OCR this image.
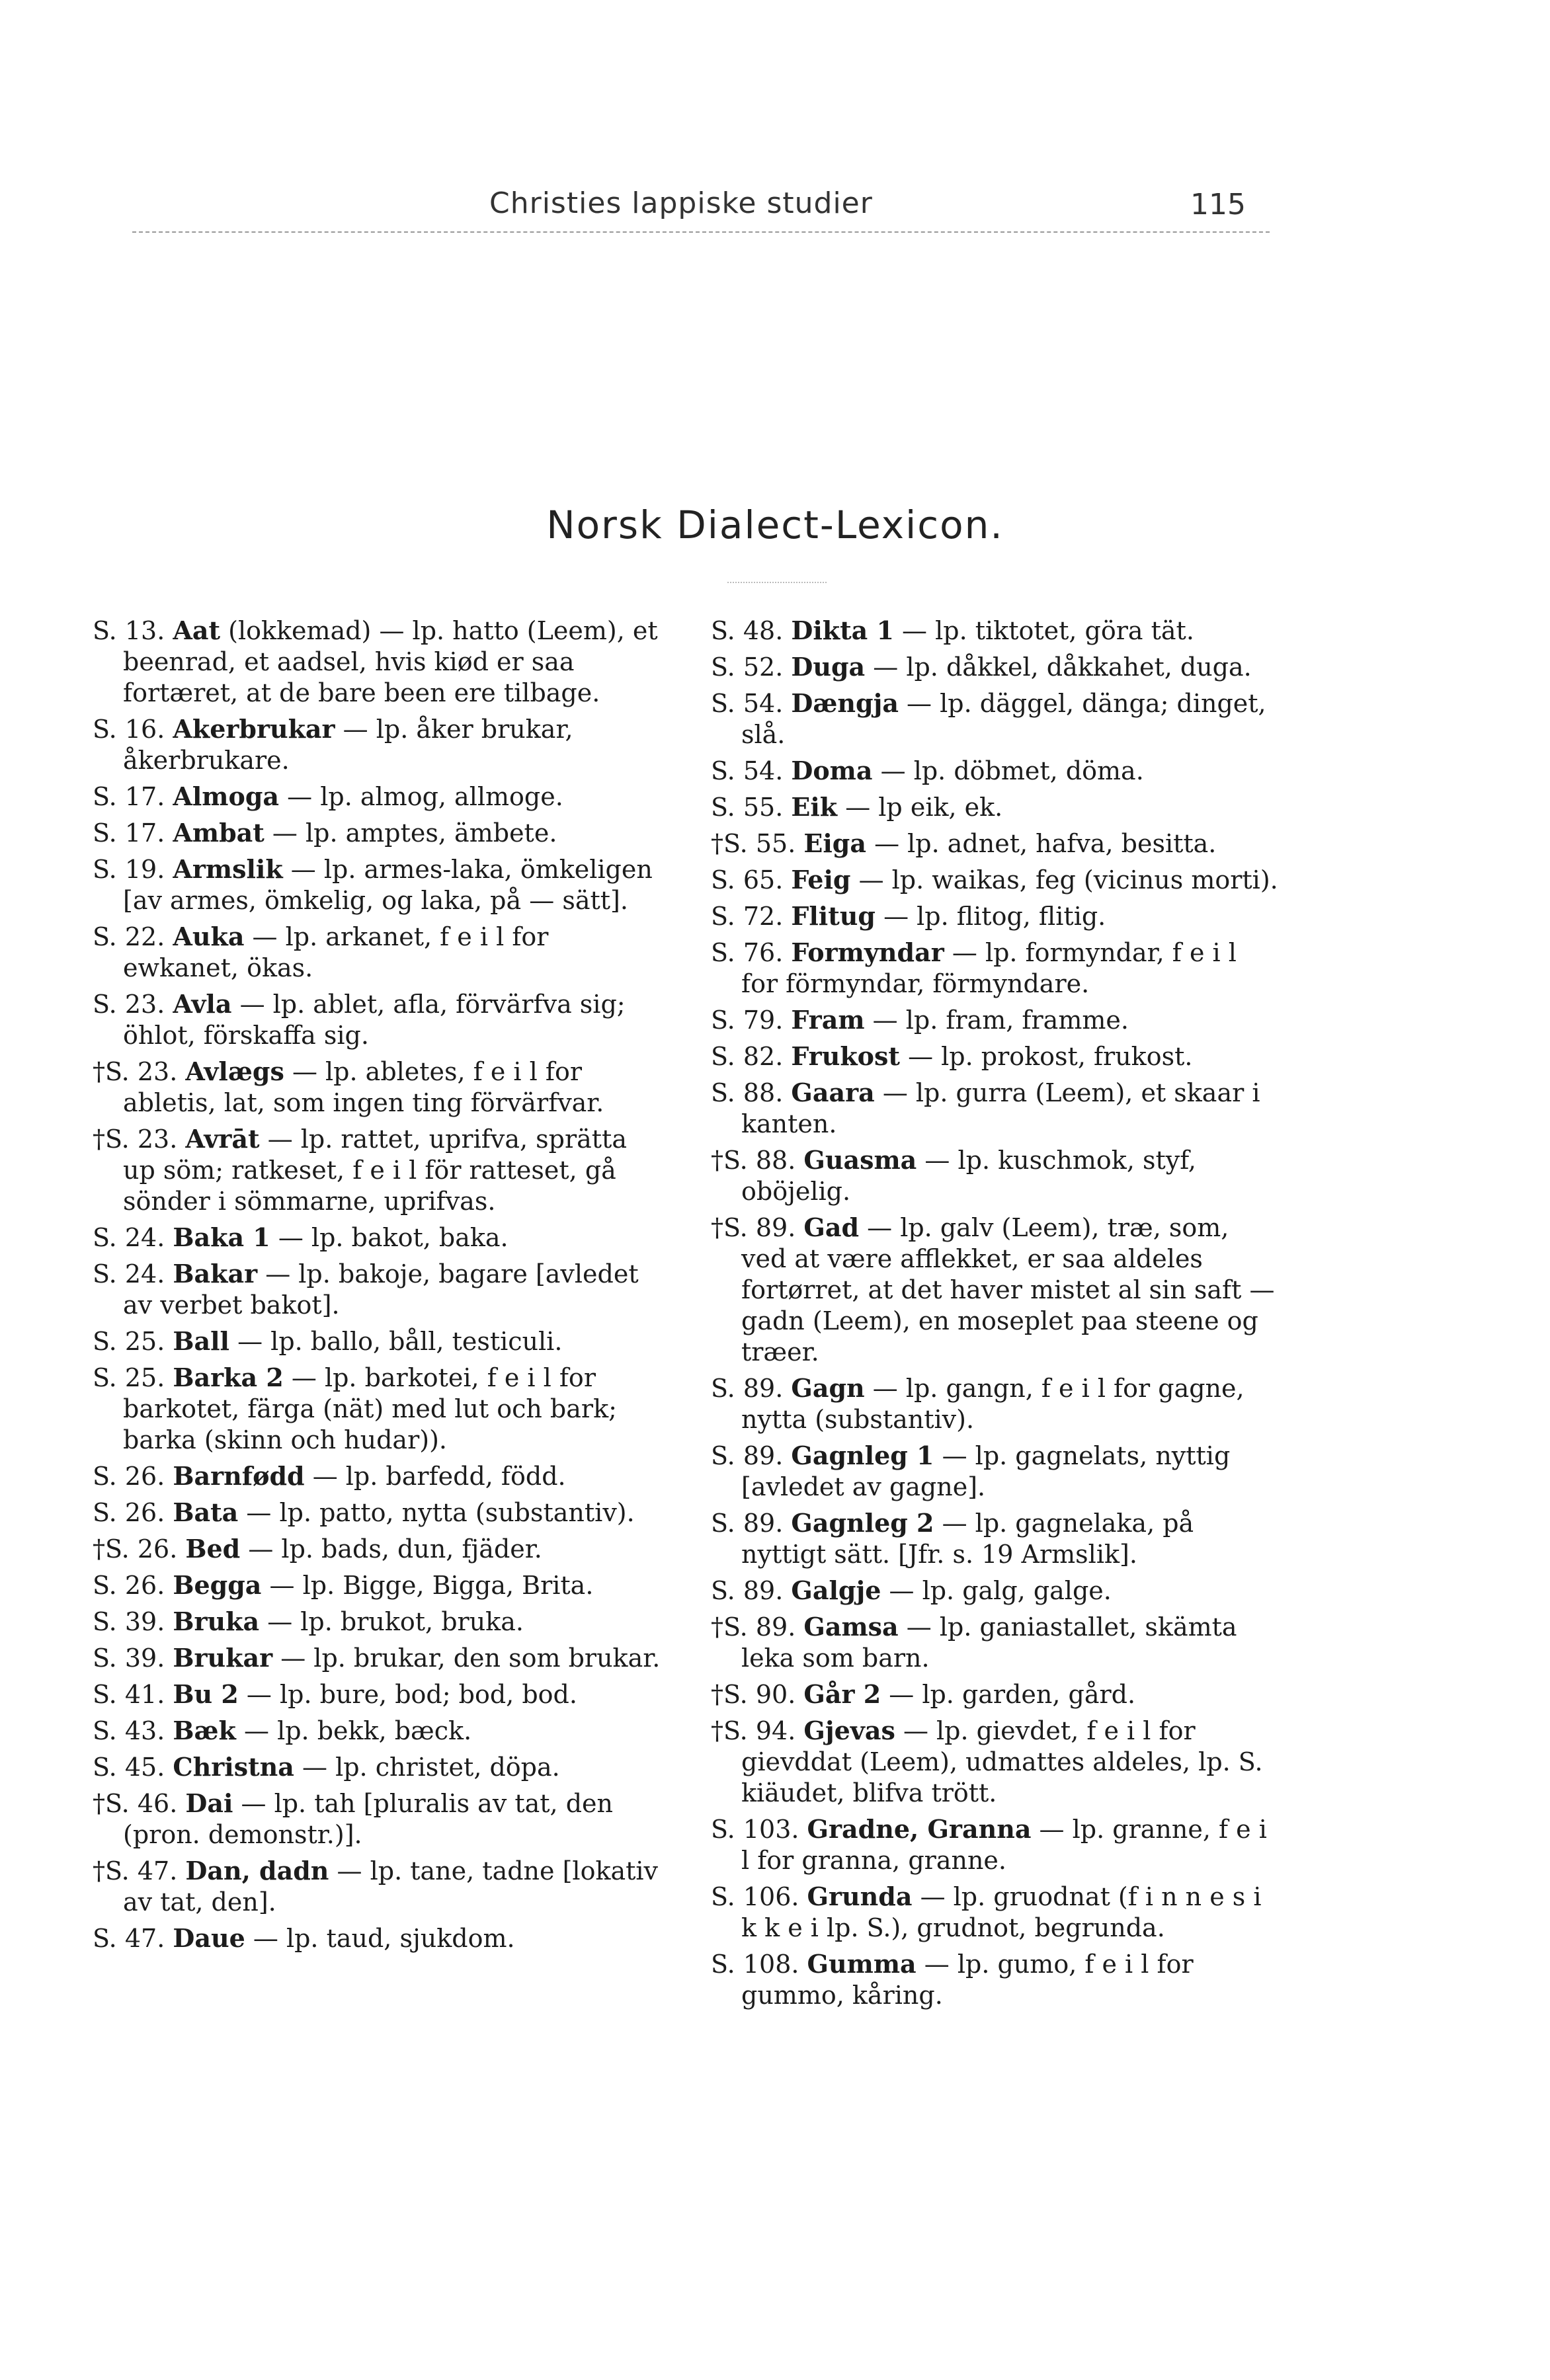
Christies lappiske studier	115
Norsk Dialect-Lexicon.

S. 13. Aat (lokkemad) — lp. hatto (Leem), et beenrad, et aadsel, hvis kiød er saa fortæret, at de bare been ere tilbage.

S. 16. Akerbrukar — lp. åker brukar, åkerbrukare.

S. 17. Almoga — lp. almog, allmoge.

S. 17. Ambat — lp. amptes, ämbete.

S. 19. Armslik — lp. armes-laka, ömkeligen [av armes, ömkelig, og laka, på — sätt].

S. 22. Auka — lp. arkanet, f e i l for ewkanet, ökas.

S. 23. Avla — lp. ablet, afla, förvärfva sig; öhlot, förskaffa sig.

†S. 23. Avlægs — lp. abletes, f e i l for abletis, lat, som ingen ting förvärfvar.

†S. 23. Avrāt — lp. rattet, uprifva, sprätta up söm; ratkeset, f e i l för ratteset, gå sönder i sömmarne, uprifvas.

S. 24. Baka 1 — lp. bakot, baka.

S. 24. Bakar — lp. bakoje, bagare [avledet av verbet bakot].

S. 25. Ball — lp. ballo, båll, testiculi.

S. 25. Barka 2 — lp. barkotei, f e i l for barkotet, färga (nät) med lut och bark; barka (skinn och hudar)).

S. 26. Barnfødd — lp. barfedd, född.

S. 26. Bata — lp. patto, nytta (substantiv).

†S. 26. Bed — lp. bads, dun, fjäder.

S. 26. Begga — lp. Bigge, Bigga, Brita.

S. 39. Bruka — lp. brukot, bruka.

S. 39. Brukar — lp. brukar, den som brukar.

S. 41. Bu 2 — lp. bure, bod; bod, bod.

S. 43. Bæk — lp. bekk, bæck.

S. 45. Christna — lp. christet, döpa.

†S. 46. Dai — lp. tah [pluralis av tat, den (pron. demonstr.)].

†S. 47. Dan, dadn — lp. tane, tadne [lokativ av tat, den].

S. 47. Daue — lp. taud, sjukdom.

S. 48. Dikta 1 — lp. tiktotet, göra tät.

S. 52. Duga — lp. dåkkel, dåkkahet, duga.

S. 54. Dængja — lp. däggel, dänga; dinget, slå.

S. 54. Doma — lp. döbmet, döma.

S. 55. Eik — lp eik, ek.

†S. 55. Eiga — lp. adnet, hafva, besitta.

S. 65. Feig — lp. waikas, feg (vicinus morti).

S. 72. Flitug — lp. flitog, flitig.

S. 76. Formyndar — lp. formyndar, f e i l for förmyndar, förmyndare.

S. 79. Fram — lp. fram, framme.

S. 82. Frukost — lp. prokost, frukost.

S. 88. Gaara — lp. gurra (Leem), et skaar i kanten.

†S. 88. Guasma — lp. kuschmok, styf, oböjelig.

†S. 89. Gad — lp. galv (Leem), træ, som, ved at være afflekket, er saa aldeles fortørret, at det haver mistet al sin saft — gadn (Leem), en moseplet paa steene og træer.

S. 89. Gagn — lp. gangn, f e i l for gagne, nytta (substantiv).

S. 89. Gagnleg 1 — lp. gagnelats, nyttig [avledet av gagne].

S. 89. Gagnleg 2 — lp. gagnelaka, på nyttigt sätt. [Jfr. s. 19 Armslik].

S. 89. Galgje — lp. galg, galge.

†S. 89. Gamsa — lp. ganiastallet, skämta leka som barn.

†S. 90. Går 2 — lp. garden, gård.

†S. 94. Gjevas — lp. gievdet, f e i l for gievddat (Leem), udmattes aldeles, lp. S. kiäudet, blifva trött.

S. 103. Gradne, Granna — lp. granne, f e i l for granna, granne.

S. 106. Grunda — lp. gruodnat (f i n n e s i k k e i lp. S.), grudnot, begrunda.

S. 108. Gumma — lp. gumo, f e i l for gummo, kåring.
